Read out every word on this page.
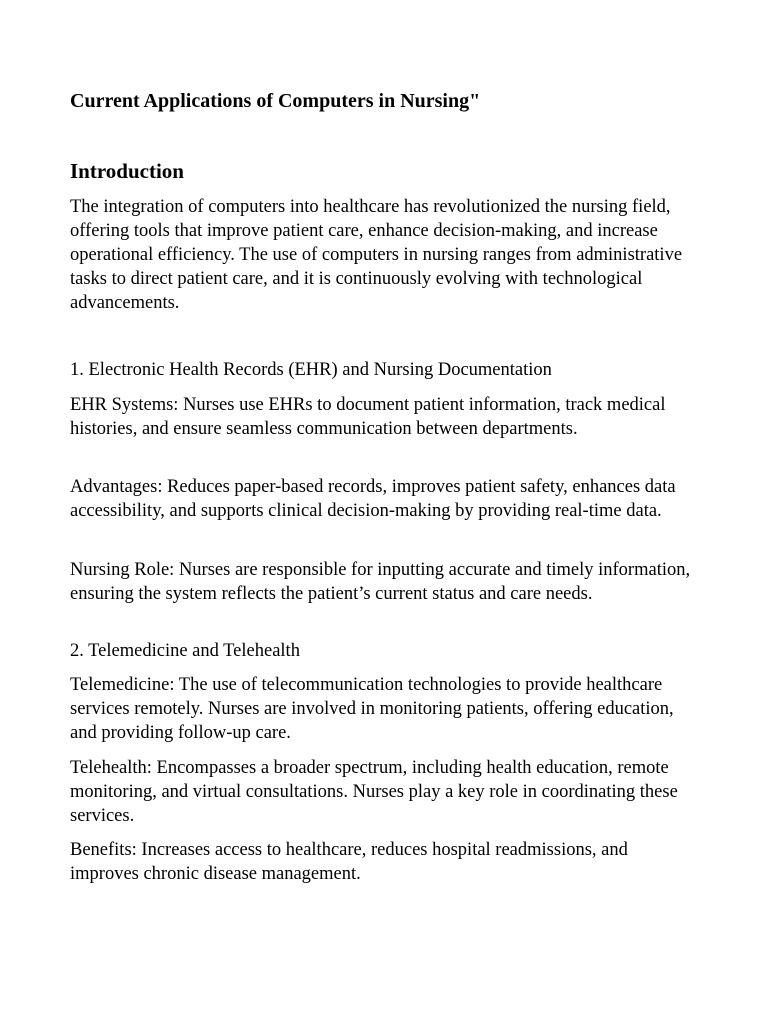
Current Applications of Computers in Nursing"
Introduction

The integration of computers into healthcare has revolutionized the nursing field, offering tools that improve patient care, enhance decision-making, and increase operational efficiency. The use of computers in nursing ranges from administrative tasks to direct patient care, and it is continuously evolving with technological advancements.

1. Electronic Health Records (EHR) and Nursing Documentation

EHR Systems: Nurses use EHRs to document patient information, track medical histories, and ensure seamless communication between departments.

Advantages: Reduces paper-based records, improves patient safety, enhances data accessibility, and supports clinical decision-making by providing real-time data.

Nursing Role: Nurses are responsible for inputting accurate and timely information, ensuring the system reflects the patient’s current status and care needs.

2. Telemedicine and Telehealth

Telemedicine: The use of telecommunication technologies to provide healthcare services remotely. Nurses are involved in monitoring patients, offering education, and providing follow-up care.

Telehealth: Encompasses a broader spectrum, including health education, remote monitoring, and virtual consultations. Nurses play a key role in coordinating these services.

Benefits: Increases access to healthcare, reduces hospital readmissions, and improves chronic disease management.
